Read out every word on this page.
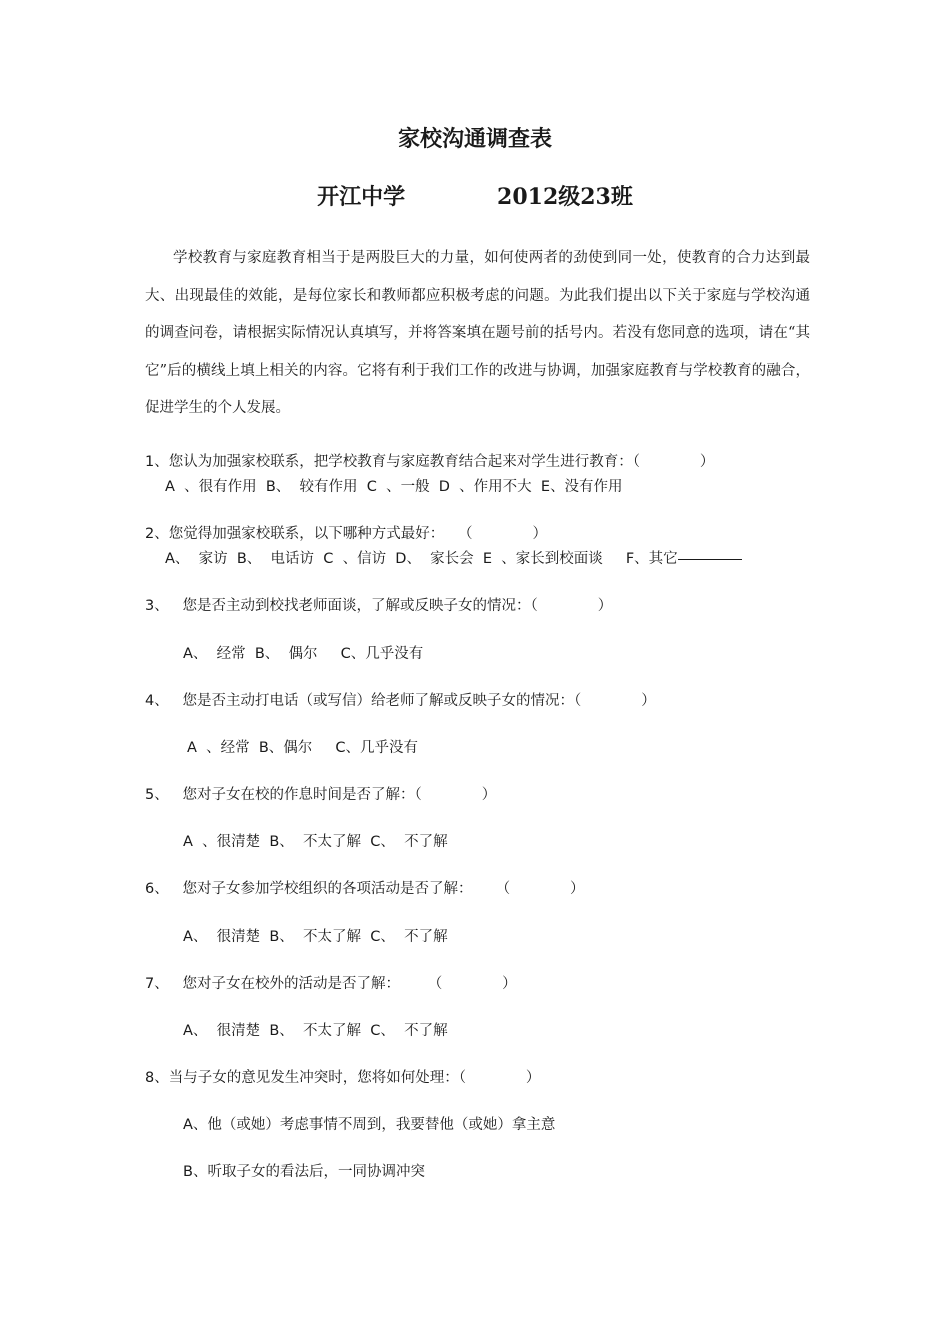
家校沟通调查表
开江中学            2012级23班
学校教育与家庭教育相当于是两股巨大的力量，如何使两者的劲使到同一处，使教育的合力达到最大、出现最佳的效能，是每位家长和教师都应积极考虑的问题。为此我们提出以下关于家庭与学校沟通的调查问卷，请根据实际情况认真填写，并将答案填在题号前的括号内。若没有您同意的选项，请在“其它”后的横线上填上相关的内容。它将有利于我们工作的改进与协调，加强家庭教育与学校教育的融合，促进学生的个人发展。
1、您认为加强家校联系，把学校教育与家庭教育结合起来对学生进行教育：（             ）
A  、很有作用  B、  较有作用  C  、一般  D  、作用不大  E、没有作用
2、您觉得加强家校联系，以下哪种方式最好：   （             ）
A、  家访  B、  电话访  C  、信访  D、  家长会  E  、家长到校面谈     F、其它
3、   您是否主动到校找老师面谈，了解或反映子女的情况：（             ）
A、  经常  B、  偶尔     C、几乎没有
4、   您是否主动打电话（或写信）给老师了解或反映子女的情况：（             ）
A  、经常  B、偶尔     C、几乎没有
5、   您对子女在校的作息时间是否了解：（             ）
A  、很清楚  B、  不太了解  C、  不了解
6、   您对子女参加学校组织的各项活动是否了解：     （             ）
A、  很清楚  B、  不太了解  C、  不了解
7、   您对子女在校外的活动是否了解：      （             ）
A、  很清楚  B、  不太了解  C、  不了解
8、当与子女的意见发生冲突时，您将如何处理：（             ）
A、他（或她）考虑事情不周到，我要替他（或她）拿主意
B、听取子女的看法后，一同协调冲突
